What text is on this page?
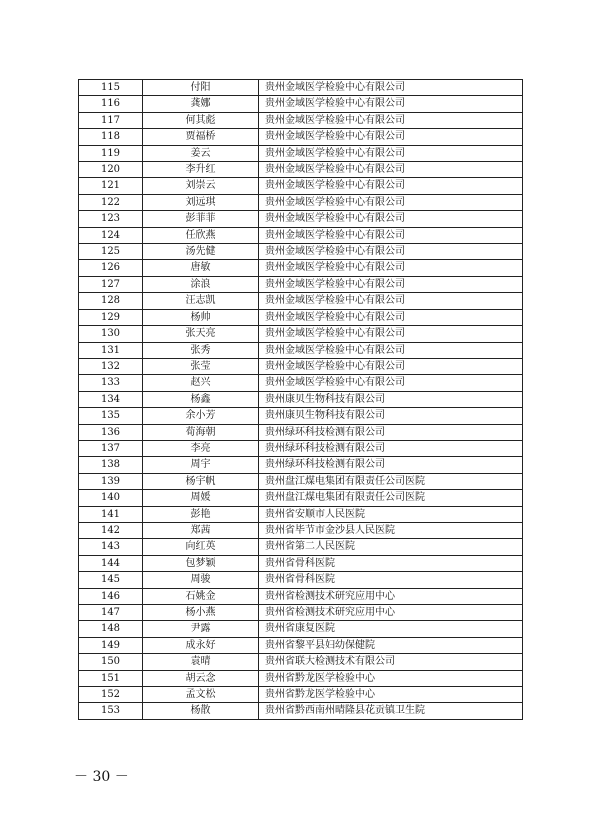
115	付阳	贵州金域医学检验中心有限公司
116	龚娜	贵州金域医学检验中心有限公司
117	何其彪	贵州金域医学检验中心有限公司
118	贾福桥	贵州金域医学检验中心有限公司
119	姜云	贵州金域医学检验中心有限公司
120	李升红	贵州金域医学检验中心有限公司
121	刘崇云	贵州金域医学检验中心有限公司
122	刘远琪	贵州金域医学检验中心有限公司
123	彭菲菲	贵州金域医学检验中心有限公司
124	任欣燕	贵州金域医学检验中心有限公司
125	汤先健	贵州金域医学检验中心有限公司
126	唐敏	贵州金域医学检验中心有限公司
127	涂浪	贵州金域医学检验中心有限公司
128	汪志凯	贵州金域医学检验中心有限公司
129	杨帅	贵州金域医学检验中心有限公司
130	张天亮	贵州金域医学检验中心有限公司
131	张秀	贵州金域医学检验中心有限公司
132	张莹	贵州金域医学检验中心有限公司
133	赵兴	贵州金域医学检验中心有限公司
134	杨鑫	贵州康贝生物科技有限公司
135	余小芳	贵州康贝生物科技有限公司
136	荀海朝	贵州绿环科技检测有限公司
137	李亮	贵州绿环科技检测有限公司
138	周宇	贵州绿环科技检测有限公司
139	杨宇帆	贵州盘江煤电集团有限责任公司医院
140	周媛	贵州盘江煤电集团有限责任公司医院
141	彭艳	贵州省安顺市人民医院
142	郑茜	贵州省毕节市金沙县人民医院
143	向红英	贵州省第二人民医院
144	包梦颖	贵州省骨科医院
145	周骏	贵州省骨科医院
146	石姚金	贵州省检测技术研究应用中心
147	杨小燕	贵州省检测技术研究应用中心
148	尹露	贵州省康复医院
149	成永好	贵州省黎平县妇幼保健院
150	袁晴	贵州省联大检测技术有限公司
151	胡云念	贵州省黔龙医学检验中心
152	孟文松	贵州省黔龙医学检验中心
153	杨散	贵州省黔西南州晴隆县花贡镇卫生院
－ 30 －
